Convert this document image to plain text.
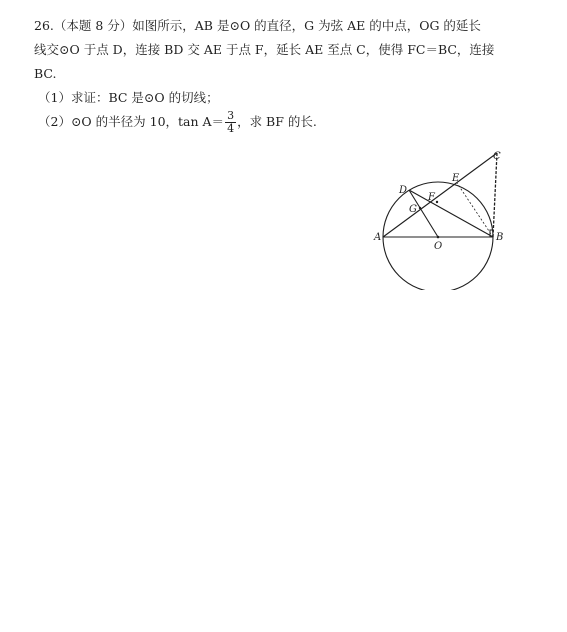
26.（本题 8 分）如图所示，AB 是⊙O 的直径，G 为弦 AE 的中点，OG 的延长
线交⊙O 于点 D，连接 BD 交 AE 于点 F，延长 AE 至点 C，使得 FC＝BC，连接
BC.
（1）求证：BC 是⊙O 的切线；
（2）⊙O 的半径为 10，$\tan A= \frac{3}{4}$ ，求 BF 的长.
A	B
C
D
E
F
G
O
